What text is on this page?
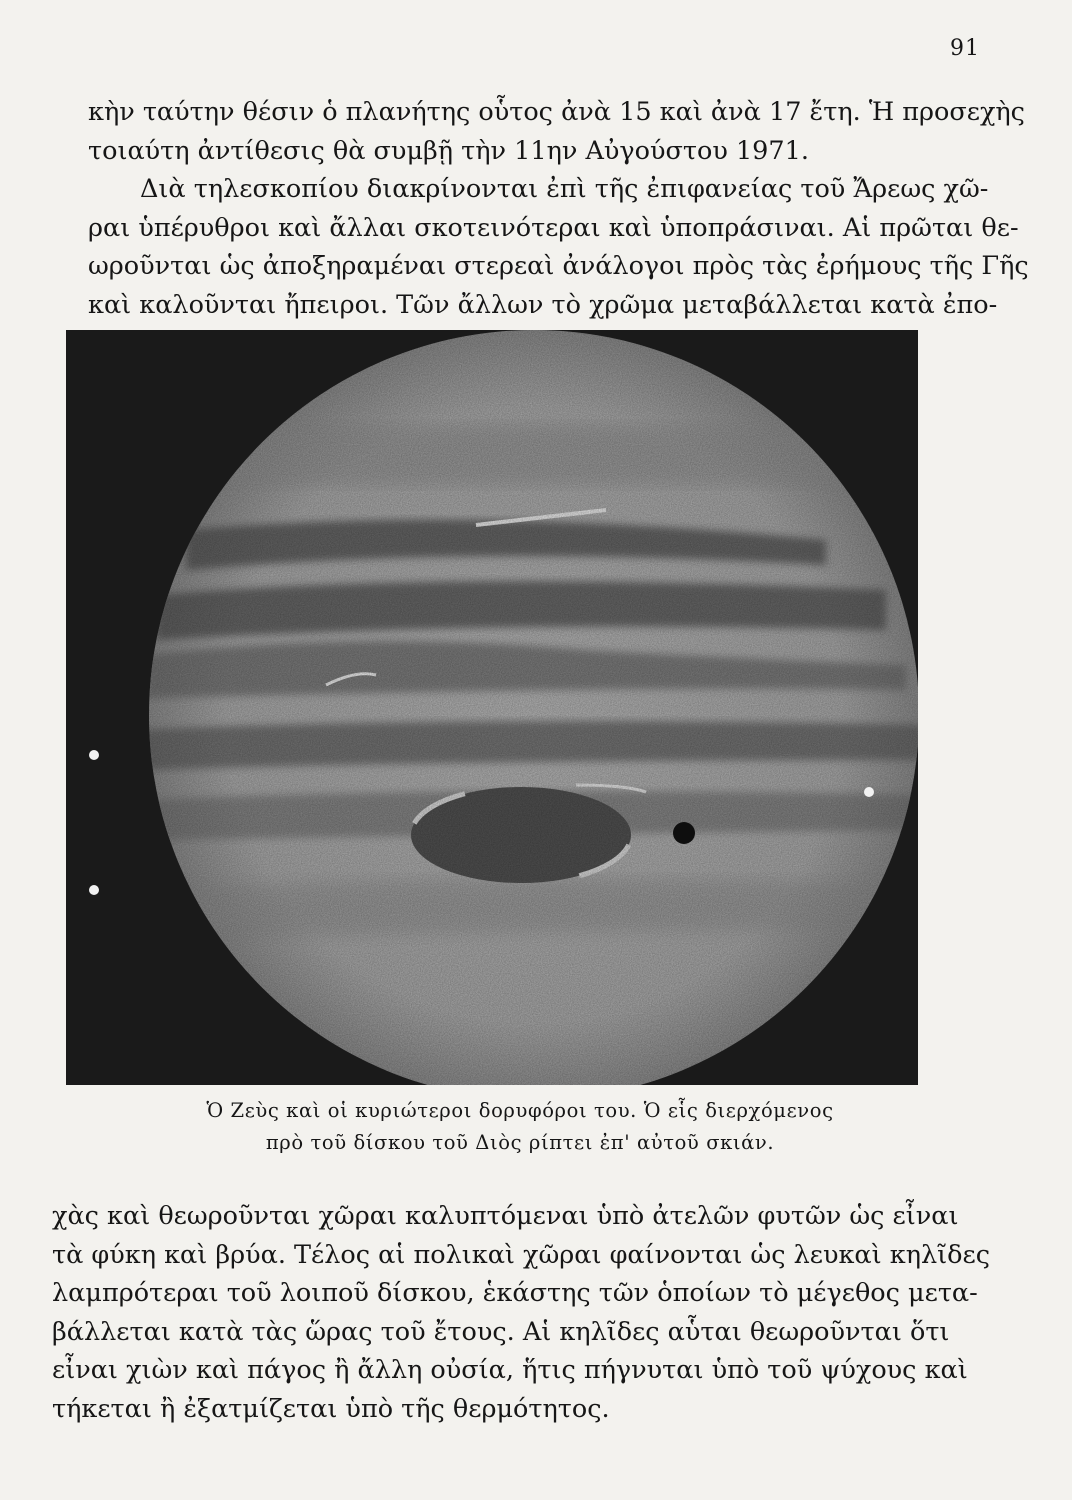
91
κὴν ταύτην θέσιν ὁ πλανήτης οὗτος ἀνὰ 15 καὶ ἀνὰ 17 ἔτη. Ἡ προσεχὴς
τοιαύτη ἀντίθεσις θὰ συμβῇ τὴν 11ην Αὐγούστου 1971.
Διὰ τηλεσκοπίου διακρίνονται ἐπὶ τῆς ἐπιφανείας τοῦ Ἄρεως χῶ-
ραι ὑπέρυθροι καὶ ἄλλαι σκοτεινότεραι καὶ ὑποπράσιναι. Αἱ πρῶται θε-
ωροῦνται ὡς ἀποξηραμέναι στερεαὶ ἀνάλογοι πρὸς τὰς ἐρήμους τῆς Γῆς
καὶ καλοῦνται ἤπειροι. Τῶν ἄλλων τὸ χρῶμα μεταβάλλεται κατὰ ἐπο-
Ὁ Ζεὺς καὶ οἱ κυριώτεροι δορυφόροι του. Ὁ εἷς διερχόμενος
πρὸ τοῦ δίσκου τοῦ Διὸς ρίπτει ἐπ' αὐτοῦ σκιάν.
χὰς καὶ θεωροῦνται χῶραι καλυπτόμεναι ὑπὸ ἀτελῶν φυτῶν ὡς εἶναι
τὰ φύκη καὶ βρύα. Τέλος αἱ πολικαὶ χῶραι φαίνονται ὡς λευκαὶ κηλῖδες
λαμπρότεραι τοῦ λοιποῦ δίσκου, ἑκάστης τῶν ὁποίων τὸ μέγεθος μετα-
βάλλεται κατὰ τὰς ὥρας τοῦ ἔτους. Αἱ κηλῖδες αὗται θεωροῦνται ὅτι
εἶναι χιὼν καὶ πάγος ἢ ἄλλη οὐσία, ἥτις πήγνυται ὑπὸ τοῦ ψύχους καὶ
τήκεται ἢ ἐξατμίζεται ὑπὸ τῆς θερμότητος.
